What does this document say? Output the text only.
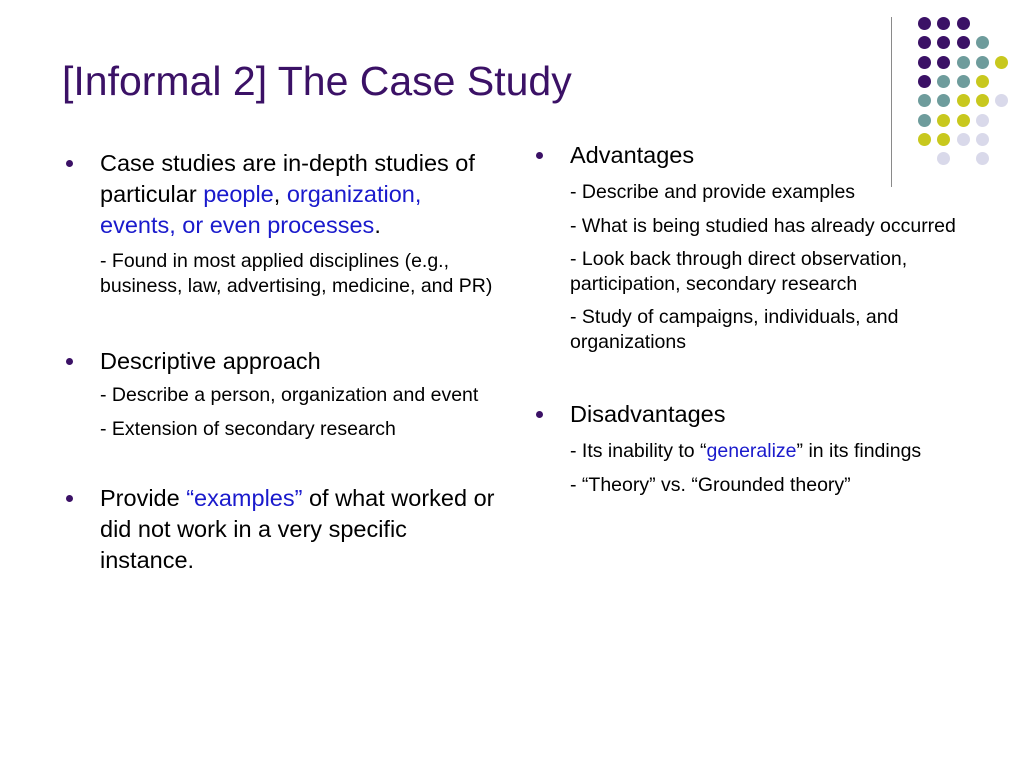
[Informal 2] The Case Study
Case studies are in-depth studies of particular people, organization, events, or even processes.
- Found in most applied disciplines (e.g., business, law, advertising, medicine, and PR)
Descriptive approach
- Describe a person, organization and event
- Extension of secondary research
Provide “examples” of what worked or did not work in a very specific instance.
Advantages
- Describe and provide examples
- What is being studied has already occurred
- Look back through direct observation, participation, secondary research
- Study of campaigns, individuals, and organizations
Disadvantages
- Its inability to “generalize” in its findings
- “Theory” vs. “Grounded theory”
